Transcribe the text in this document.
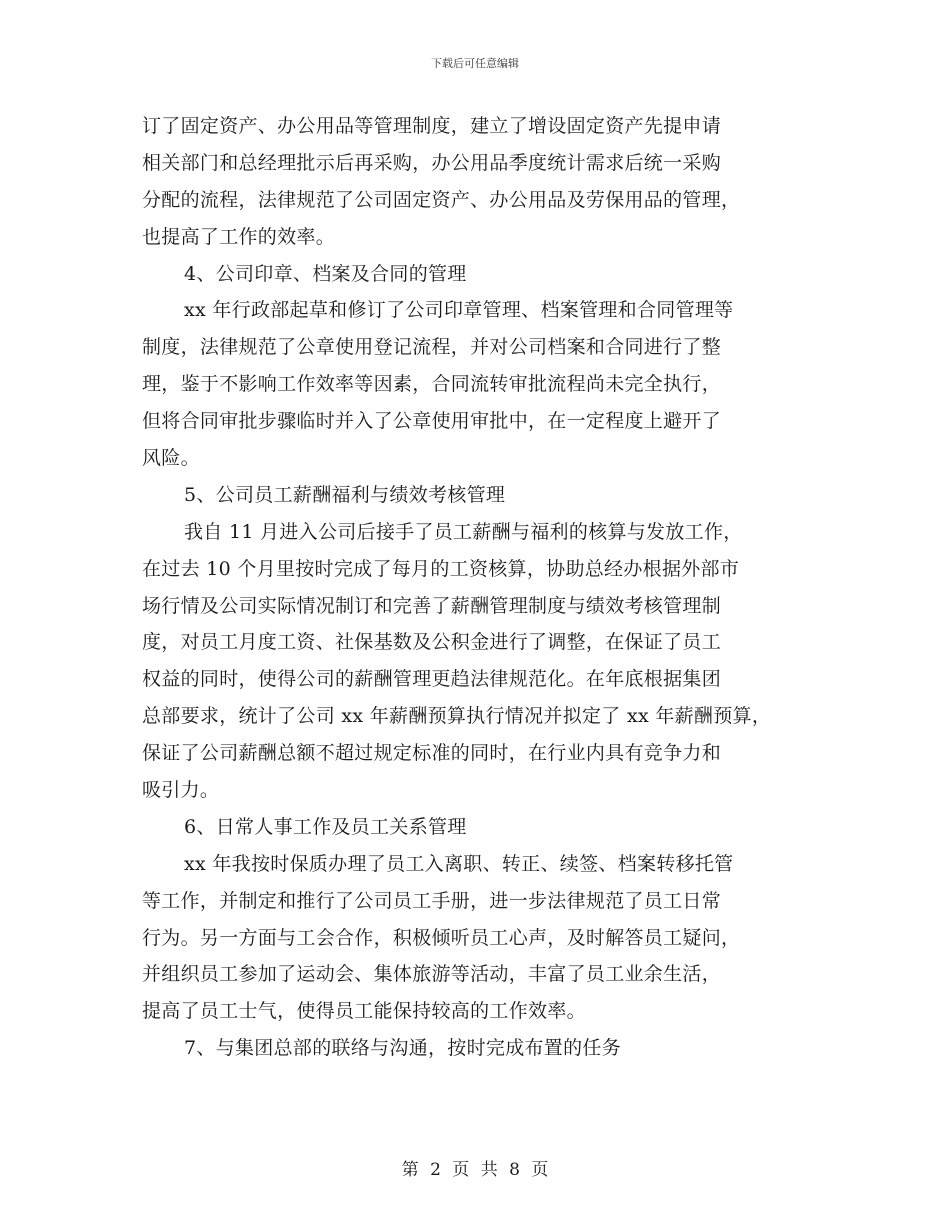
下载后可任意编辑
订了固定资产、办公用品等管理制度，建立了增设固定资产先提申请
相关部门和总经理批示后再采购，办公用品季度统计需求后统一采购
分配的流程，法律规范了公司固定资产、办公用品及劳保用品的管理，
也提高了工作的效率。
4、公司印章、档案及合同的管理
xx 年行政部起草和修订了公司印章管理、档案管理和合同管理等
制度，法律规范了公章使用登记流程，并对公司档案和合同进行了整
理，鉴于不影响工作效率等因素，合同流转审批流程尚未完全执行，
但将合同审批步骤临时并入了公章使用审批中，在一定程度上避开了
风险。
5、公司员工薪酬福利与绩效考核管理
我自 11 月进入公司后接手了员工薪酬与福利的核算与发放工作，
在过去 10 个月里按时完成了每月的工资核算，协助总经办根据外部市
场行情及公司实际情况制订和完善了薪酬管理制度与绩效考核管理制
度，对员工月度工资、社保基数及公积金进行了调整，在保证了员工
权益的同时，使得公司的薪酬管理更趋法律规范化。在年底根据集团
总部要求，统计了公司 xx 年薪酬预算执行情况并拟定了 xx 年薪酬预算，
保证了公司薪酬总额不超过规定标准的同时，在行业内具有竞争力和
吸引力。
6、日常人事工作及员工关系管理
xx 年我按时保质办理了员工入离职、转正、续签、档案转移托管
等工作，并制定和推行了公司员工手册，进一步法律规范了员工日常
行为。另一方面与工会合作，积极倾听员工心声，及时解答员工疑问，
并组织员工参加了运动会、集体旅游等活动，丰富了员工业余生活，
提高了员工士气，使得员工能保持较高的工作效率。
7、与集团总部的联络与沟通，按时完成布置的任务
第 2 页 共 8 页
